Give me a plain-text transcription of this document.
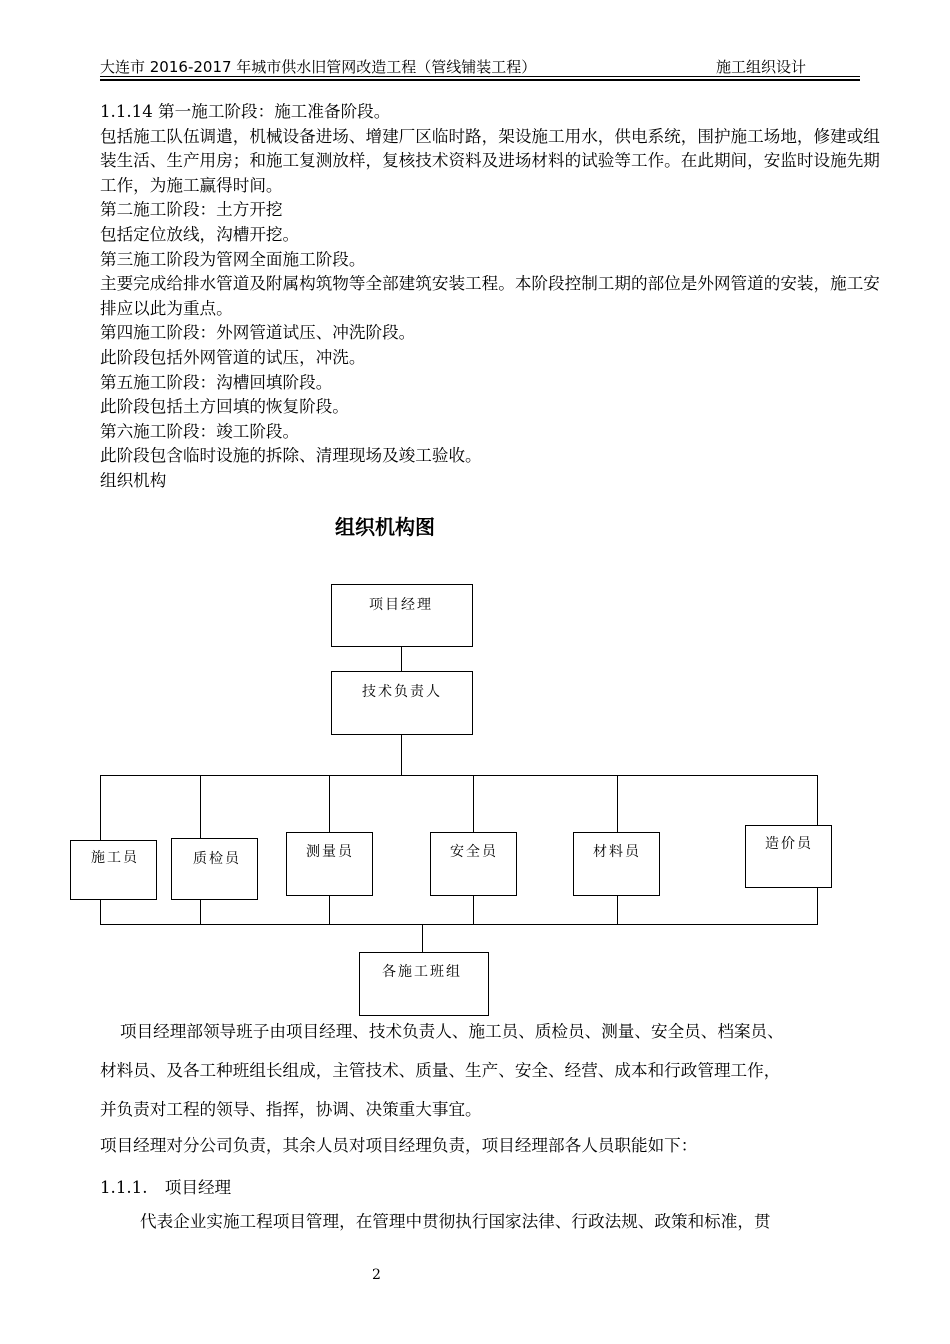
大连市 2016-2017 年城市供水旧管网改造工程（管线铺装工程）	施工组织设计

1.1.14 第一施工阶段：施工准备阶段。

包括施工队伍调遣，机械设备进场、增建厂区临时路，架设施工用水，供电系统，围护施工场地，修建或组装生活、生产用房；和施工复测放样，复核技术资料及进场材料的试验等工作。在此期间，安监时设施先期工作，为施工赢得时间。

第二施工阶段：土方开挖

包括定位放线，沟槽开挖。

第三施工阶段为管网全面施工阶段。

主要完成给排水管道及附属构筑物等全部建筑安装工程。本阶段控制工期的部位是外网管道的安装，施工安排应以此为重点。

第四施工阶段：外网管道试压、冲洗阶段。

此阶段包括外网管道的试压，冲洗。

第五施工阶段：沟槽回填阶段。

此阶段包括土方回填的恢复阶段。

第六施工阶段：竣工阶段。

此阶段包含临时设施的拆除、清理现场及竣工验收。

组织机构

组织机构图
项目经理
技术负责人
施工员	质检员	测量员	安全员	材料员	造价员
各施工班组

项目经理部领导班子由项目经理、技术负责人、施工员、质检员、测量、安全员、档案员、

材料员、及各工种班组长组成，主管技术、质量、生产、安全、经营、成本和行政管理工作，

并负责对工程的领导、指挥，协调、决策重大事宜。

项目经理对分公司负责，其余人员对项目经理负责，项目经理部各人员职能如下：

1.1.1. 项目经理

代表企业实施工程项目管理，在管理中贯彻执行国家法律、行政法规、政策和标准，贯

2
